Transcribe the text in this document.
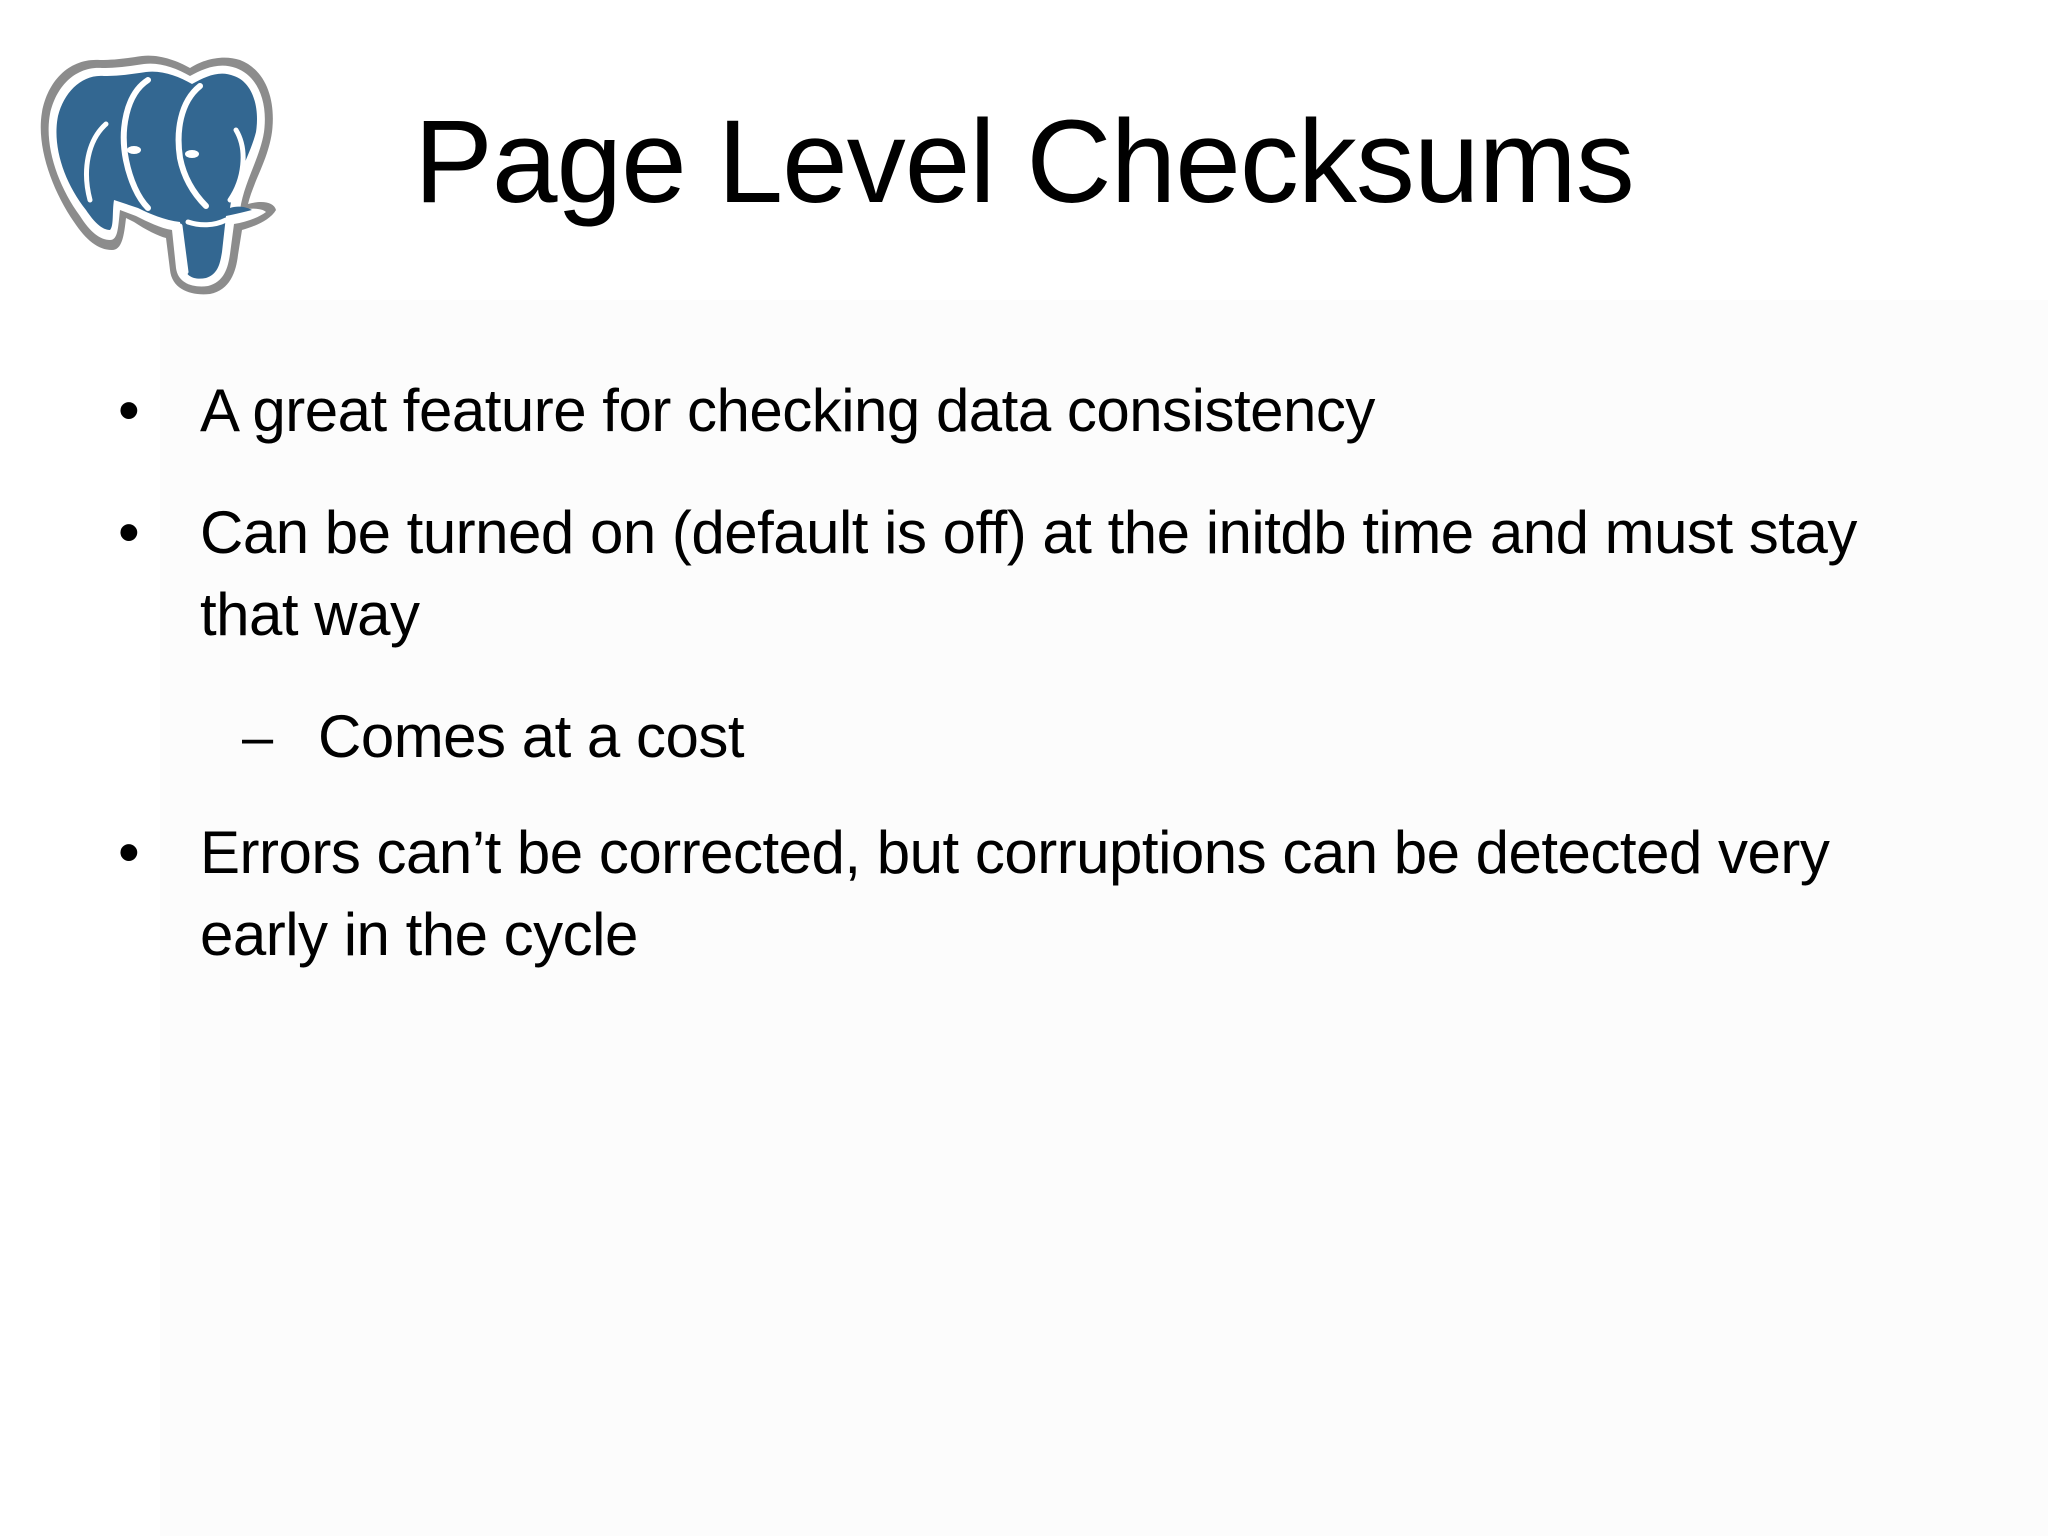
Page Level Checksums
• A great feature for checking data consistency
• Can be turned on (default is off) at the initdb time and must stay that way
– Comes at a cost
• Errors can’t be corrected, but corruptions can be detected very early in the cycle
